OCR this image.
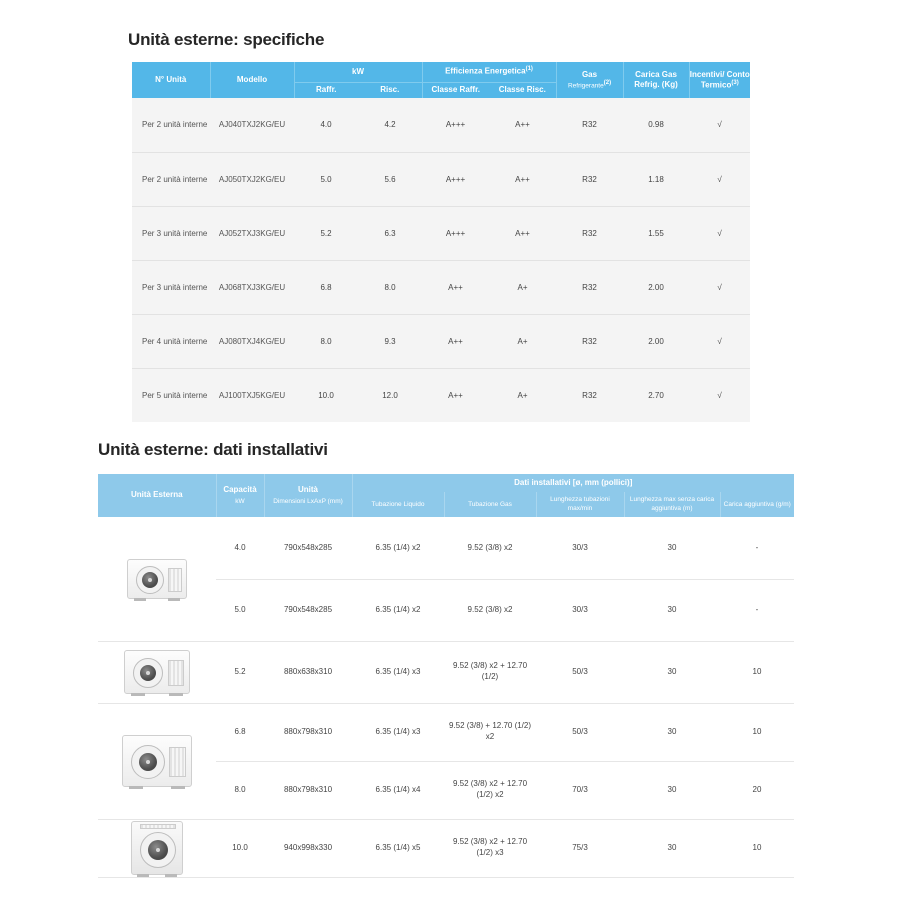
Unità esterne: specifiche
N° Unità	Modello	kW		Efficienza Energetica$^{(1)}$		Gas
Refrigerante$^{(2)}$	Carica Gas Refrig. (Kg)	Incentivi/ Conto Termico$^{(3)}$
		Raffr.	Risc.	Classe Raffr.	Classe Risc.			
Per 2 unità interne	AJ040TXJ2KG/EU	4.0	4.2	A+++	A++	R32	0.98	√
Per 2 unità interne	AJ050TXJ2KG/EU	5.0	5.6	A+++	A++	R32	1.18	√
Per 3 unità interne	AJ052TXJ3KG/EU	5.2	6.3	A+++	A++	R32	1.55	√
Per 3 unità interne	AJ068TXJ3KG/EU	6.8	8.0	A++	A+	R32	2.00	√
Per 4 unità interne	AJ080TXJ4KG/EU	8.0	9.3	A++	A+	R32	2.00	√
Per 5 unità interne	AJ100TXJ5KG/EU	10.0	12.0	A++	A+	R32	2.70	√
Unità esterne: dati installativi
Unità Esterna	Capacità
kW	Unità
Dimensioni LxAxP (mm)	Dati installativi [ø, mm (pollici)]				
			Tubazione Liquido	Tubazione Gas	Lunghezza tubazioni max/min	Lunghezza max senza carica aggiuntiva (m)	Carica aggiuntiva (g/m)

	4.0	790x548x285	6.35 (1/4) x2	9.52 (3/8) x2	30/3	30	-
	5.0	790x548x285	6.35 (1/4) x2	9.52 (3/8) x2	30/3	30	-

	5.2	880x638x310	6.35 (1/4) x3	9.52 (3/8) x2 + 12.70 (1/2)	50/3	30	10

	6.8	880x798x310	6.35 (1/4) x3	9.52 (3/8) + 12.70 (1/2) x2	50/3	30	10
	8.0	880x798x310	6.35 (1/4) x4	9.52 (3/8) x2 + 12.70 (1/2) x2	70/3	30	20

	10.0	940x998x330	6.35 (1/4) x5	9.52 (3/8) x2 + 12.70 (1/2) x3	75/3	30	10
